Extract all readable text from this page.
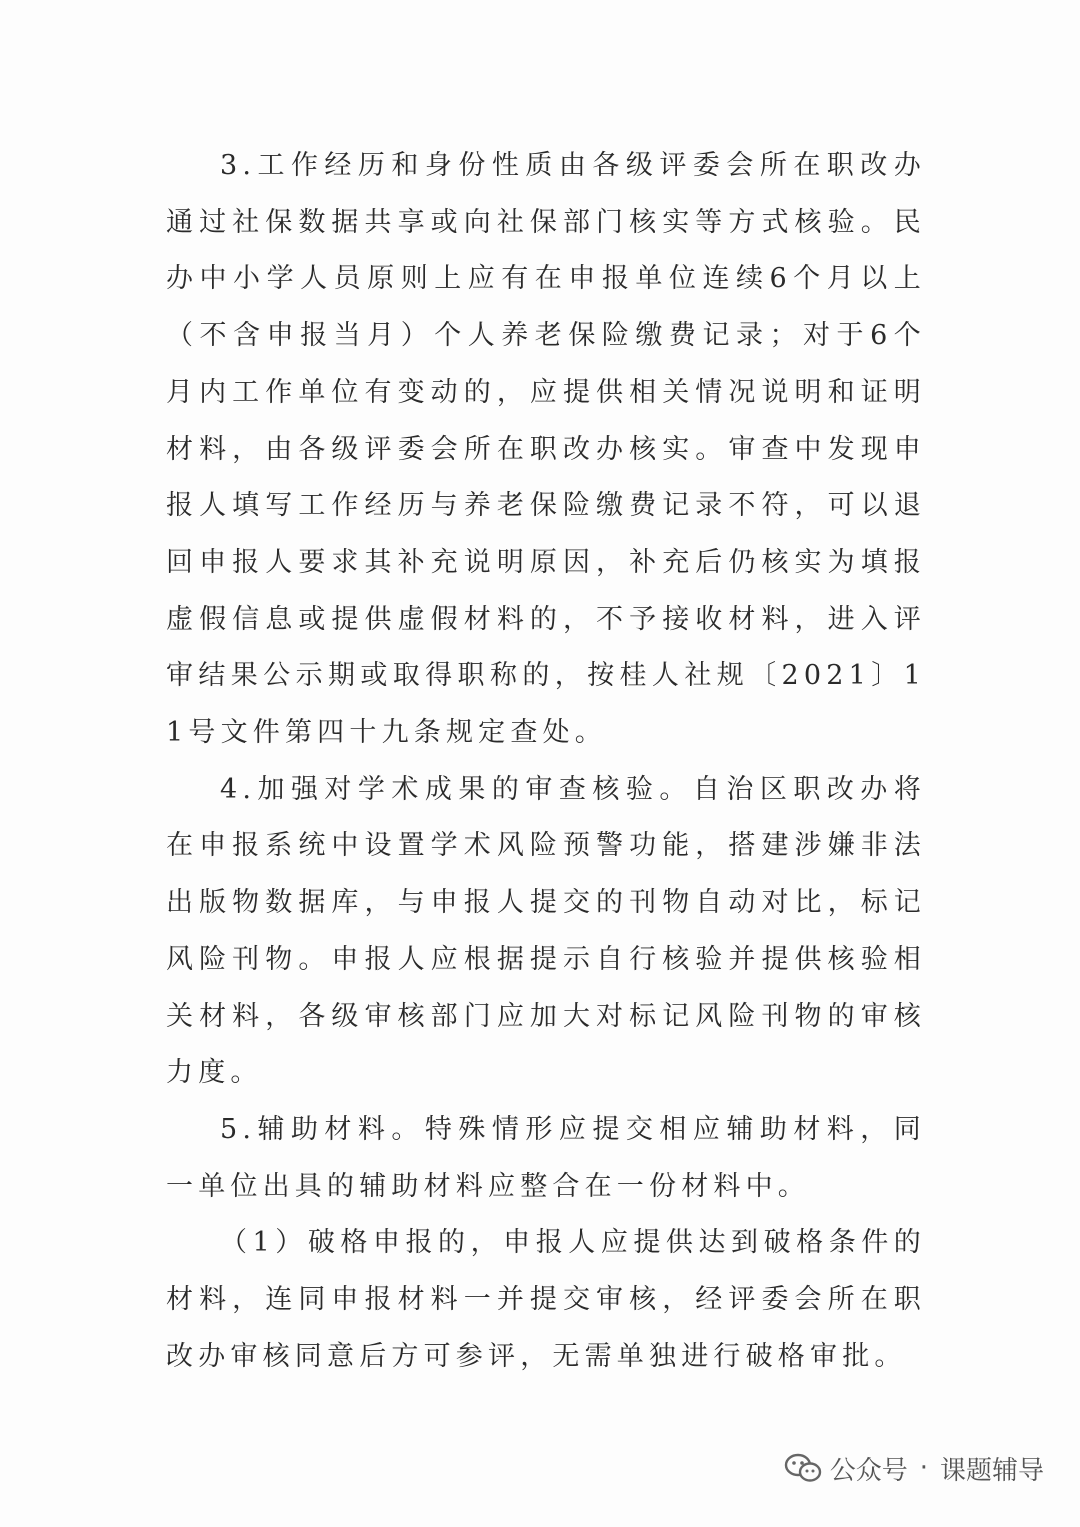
3.工作经历和身份性质由各级评委会所在职改办通过社保数据共享或向社保部门核实等方式核验。民办中小学人员原则上应有在申报单位连续6个月以上（不含申报当月）个人养老保险缴费记录；对于6个月内工作单位有变动的，应提供相关情况说明和证明材料，由各级评委会所在职改办核实。审查中发现申报人填写工作经历与养老保险缴费记录不符，可以退回申报人要求其补充说明原因，补充后仍核实为填报虚假信息或提供虚假材料的，不予接收材料，进入评审结果公示期或取得职称的，按桂人社规〔2021〕11号文件第四十九条规定查处。

4.加强对学术成果的审查核验。自治区职改办将在申报系统中设置学术风险预警功能，搭建涉嫌非法出版物数据库，与申报人提交的刊物自动对比，标记风险刊物。申报人应根据提示自行核验并提供核验相关材料，各级审核部门应加大对标记风险刊物的审核力度。

5.辅助材料。特殊情形应提交相应辅助材料，同一单位出具的辅助材料应整合在一份材料中。

（1）破格申报的，申报人应提供达到破格条件的材料，连同申报材料一并提交审核，经评委会所在职改办审核同意后方可参评，无需单独进行破格审批。

公众号 · 课题辅导
